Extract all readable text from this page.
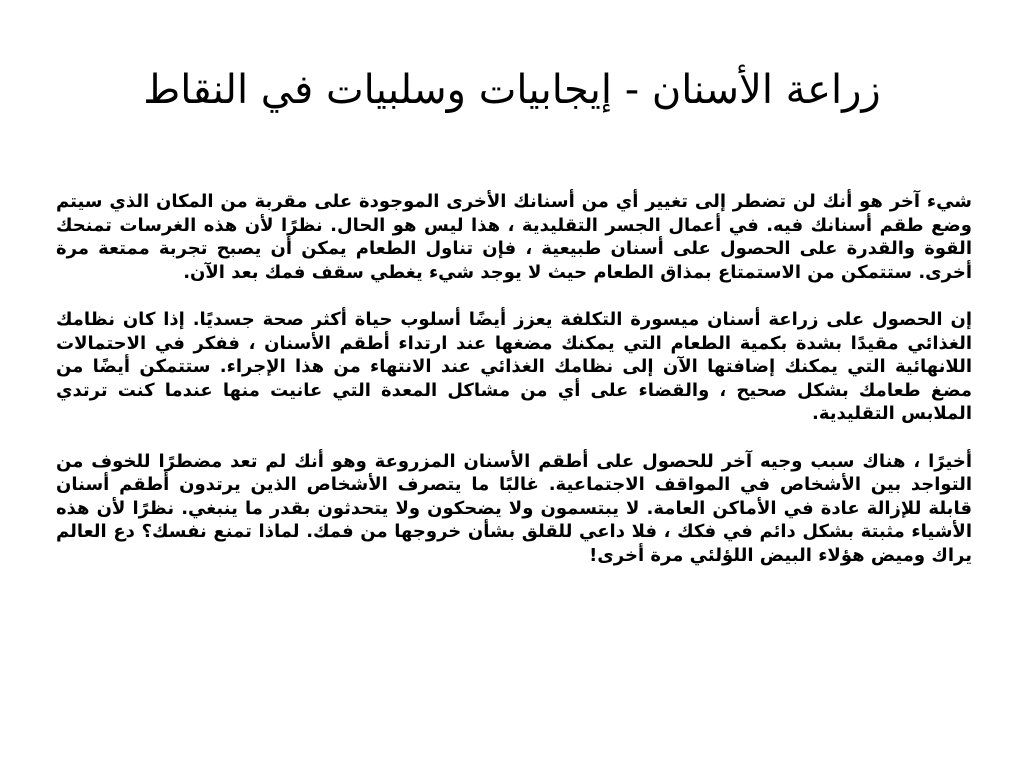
زراعة الأسنان - إيجابيات وسلبيات في النقاط

شيء آخر هو أنك لن تضطر إلى تغيير أي من أسنانك الأخرى الموجودة على مقربة من المكان الذي سيتم وضع طقم أسنانك فيه. في أعمال الجسر التقليدية ، هذا ليس هو الحال. نظرًا لأن هذه الغرسات تمنحك القوة والقدرة على الحصول على أسنان طبيعية ، فإن تناول الطعام يمكن أن يصبح تجربة ممتعة مرة أخرى. ستتمكن من الاستمتاع بمذاق الطعام حيث لا يوجد شيء يغطي سقف فمك بعد الآن.

إن الحصول على زراعة أسنان ميسورة التكلفة يعزز أيضًا أسلوب حياة أكثر صحة جسديًا. إذا كان نظامك الغذائي مقيدًا بشدة بكمية الطعام التي يمكنك مضغها عند ارتداء أطقم الأسنان ، ففكر في الاحتمالات اللانهائية التي يمكنك إضافتها الآن إلى نظامك الغذائي عند الانتهاء من هذا الإجراء. ستتمكن أيضًا من مضغ طعامك بشكل صحيح ، والقضاء على أي من مشاكل المعدة التي عانيت منها عندما كنت ترتدي الملابس التقليدية.

أخيرًا ، هناك سبب وجيه آخر للحصول على أطقم الأسنان المزروعة وهو أنك لم تعد مضطرًا للخوف من التواجد بين الأشخاص في المواقف الاجتماعية. غالبًا ما يتصرف الأشخاص الذين يرتدون أطقم أسنان قابلة للإزالة عادة في الأماكن العامة. لا يبتسمون ولا يضحكون ولا يتحدثون بقدر ما ينبغي. نظرًا لأن هذه الأشياء مثبتة بشكل دائم في فكك ، فلا داعي للقلق بشأن خروجها من فمك. لماذا تمنع نفسك؟ دع العالم يراك وميض هؤلاء البيض اللؤلئي مرة أخرى!
